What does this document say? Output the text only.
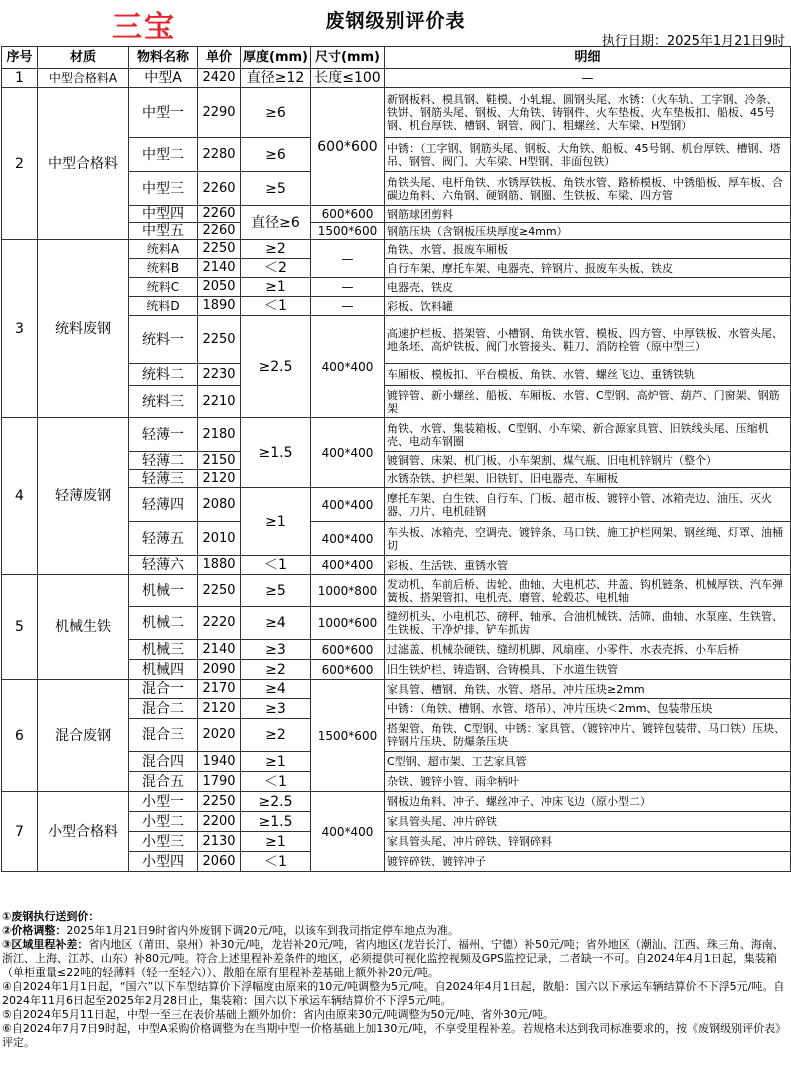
三宝	废钢级别评价表
执行日期：2025年1月21日9时
序号	材质	物料名称	单价	厚度(mm)	尺寸(mm)	明细
1	中型合格料A	中型A	2420	直径≥12	长度≤100	—
2	中型合格料	中型一	2290	≥6	600*600	新钢板料、模具钢、鞋模、小轧辊、圆钢头尾、水锈：（火车轨、工字钢、冷条、铁饼、钢筋头尾、钢板、大角铁、铸钢件、火车垫板、火车垫板扣、船板、45号钢、机台厚铁、槽钢、钢管、阀门、粗螺丝、大车梁、H型钢）
		中型二	2280	≥6		中锈：（工字钢、钢筋头尾、钢板、大角铁、船板、45号钢、机台厚铁、槽钢、塔吊、钢管、阀门、大车梁、H型钢、非面包铁）
		中型三	2260	≥5		角铁头尾、电杆角铁、水锈厚铁板、角铁水管、路桥模板、中锈船板、厚车板、合碳边角料、六角钢、硬钢筋、钢圈、生铁板、车梁、四方管
		中型四	2260	直径≥6	600*600	钢筋球团剪料
		中型五	2260		1500*600	钢筋压块（含钢板压块厚度≥4mm）
3	统料废钢	统料A	2250	≥2	—	角铁、水管、报废车厢板
		统料B	2140	＜2		自行车架、摩托车架、电器壳、锌钢片、报废车头板、铁皮
		统料C	2050	≥1	—	电器壳、铁皮
		统料D	1890	＜1	—	彩板、饮料罐
		统料一	2250	≥2.5	400*400	高速护栏板、搭架管、小槽钢、角铁水管、模板、四方管、中厚铁板、水管头尾、地条坯、高炉铁板、阀门水管接头、鞋刀、消防栓管（原中型三）
		统料二	2230			车厢板、模板扣、平台模板、角铁、水管、螺丝飞边、重锈铁轨
		统料三	2210			镀锌管、新小螺丝、船板、车厢板、水管、C型钢、高炉管、葫芦、门窗架、钢筋架
4	轻薄废钢	轻薄一	2180	≥1.5	400*400	角铁、水管、集装箱板、C型钢、小车梁、新合源家具管、旧铁线头尾、压缩机壳、电动车钢圈
		轻薄二	2150			镀铜管、床架、机门板、小车架割、煤气瓶、旧电机锌钢片（整个）
		轻薄三	2120			水锈杂铁、护栏架、旧铁钉、旧电器壳、车厢板
		轻薄四	2080	≥1	400*400	摩托车架、白生铁、自行车、门板、超市板、镀锌小管、冰箱壳边、油压、灭火器、刀片、电机硅钢
		轻薄五	2010		400*400	车头板、冰箱壳、空调壳、镀锌条、马口铁、施工护栏网架、钢丝绳、灯罩、油桶切
		轻薄六	1880	＜1	400*400	彩板、生活铁、重锈水管
5	机械生铁	机械一	2250	≥5	1000*800	发动机、车前后桥、齿轮、曲轴、大电机芯、井盖、钩机链条、机械厚铁、汽车弹簧板、搭架管扣、电机壳、磨管、轮毂芯、电机轴
		机械二	2220	≥4	1000*600	缝纫机头、小电机芯、磅秤、轴承、合油机械铁、活筛、曲轴、水泵座、生铁管、生铁板、干净炉排、铲车抓齿
		机械三	2140	≥3	600*600	过滤盖、机械杂硬铁、缝纫机脚、风扇座、小零件、水表壳拆、小车后桥
		机械四	2090	≥2	600*600	旧生铁炉栏、铸造钢、合铸模具、下水道生铁管
6	混合废钢	混合一	2170	≥4	1500*600	家具管、槽钢、角铁、水管、塔吊、冲片压块≥2mm
		混合二	2120	≥3		中锈：（角铁、槽钢、水管、塔吊）、冲片压块＜2mm、包装带压块
		混合三	2020	≥2		搭架管、角铁、C型钢、中锈：家具管、（镀锌冲片、镀锌包装带、马口铁）压块、锌钢片压块、防爆条压块
		混合四	1940	≥1		C型钢、超市架、工艺家具管
		混合五	1790	＜1		杂铁、镀锌小管、雨伞柄叶
7	小型合格料	小型一	2250	≥2.5	400*400	钢板边角料、冲子、螺丝冲子、冲床飞边（原小型二）
		小型二	2200	≥1.5		家具管头尾、冲片碎铁
		小型三	2130	≥1		家具管头尾、冲片碎铁、锌钢碎料
		小型四	2060	＜1		镀锌碎铁、镀锌冲子
①废钢执行送到价：
②价格调整：2025年1月21日9时省内外废钢下调20元/吨，以该车到我司指定停车地点为准。
③区域里程补差：省内地区（莆田、泉州）补30元/吨，龙岩补20元/吨，省内地区(龙岩长汀、福州、宁德）补50元/吨；省外地区（潮汕、江西、珠三角、海南、浙江、上海、江苏、山东）补80元/吨。符合上述里程补差条件的地区，必须提供可视化监控视频及GPS监控记录，二者缺一不可。自2024年4月1日起，集装箱（单柜重量≤22吨的轻薄料（轻一至轻六））、散船在原有里程补差基础上额外补20元/吨。
④自2024年1月1日起，“国六”以下车型结算价下浮幅度由原来的10元/吨调整为5元/吨。自2024年4月1日起，散船：国六以下承运车辆结算价不下浮5元/吨。自2024年11月6日起至2025年2月28日止，集装箱：国六以下承运车辆结算价不下浮5元/吨。
⑤自2024年5月11日起，中型一至三在表价基础上额外加价：省内由原来30元/吨调整为50元/吨、省外30元/吨。
⑥自2024年7月7日9时起，中型A采购价格调整为在当期中型一价格基础上加130元/吨，不享受里程补差。若规格未达到我司标准要求的，按《废钢级别评价表》评定。
